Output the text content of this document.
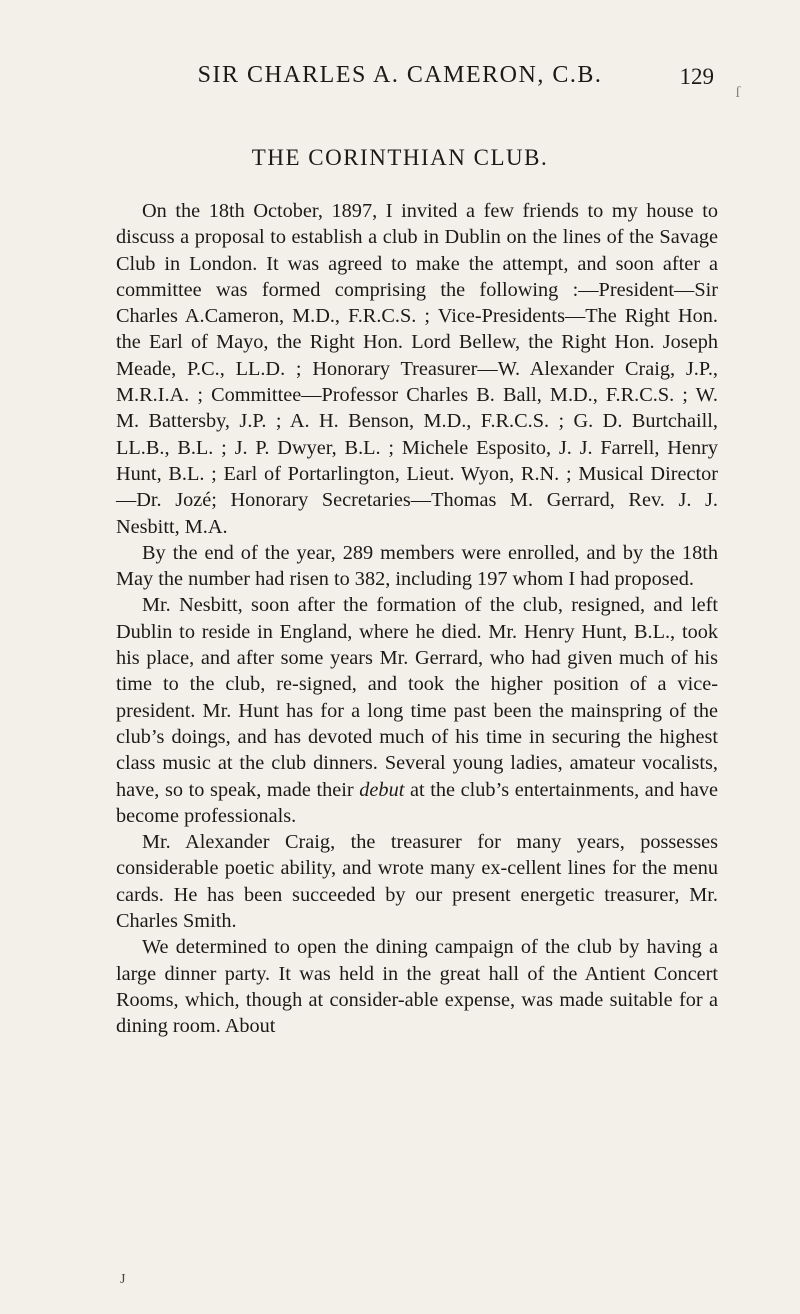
SIR CHARLES A. CAMERON, C.B.	129
ſ
THE CORINTHIAN CLUB.

On the 18th October, 1897, I invited a few friends to my house to discuss a proposal to establish a club in Dublin on the lines of the Savage Club in London. It was agreed to make the attempt, and soon after a committee was formed comprising the following :—President—Sir Charles A.Cameron, M.D., F.R.C.S. ; Vice-Presidents—The Right Hon. the Earl of Mayo, the Right Hon. Lord Bellew, the Right Hon. Joseph Meade, P.C., LL.D. ; Honorary Treasurer—W. Alexander Craig, J.P., M.R.I.A. ; Committee—Professor Charles B. Ball, M.D., F.R.C.S. ; W. M. Battersby, J.P. ; A. H. Benson, M.D., F.R.C.S. ; G. D. Burtchaill, LL.B., B.L. ; J. P. Dwyer, B.L. ; Michele Esposito, J. J. Farrell, Henry Hunt, B.L. ; Earl of Portarlington, Lieut. Wyon, R.N. ; Musical Director—Dr. Jozé; Honorary Secretaries—Thomas M. Gerrard, Rev. J. J. Nesbitt, M.A.

By the end of the year, 289 members were enrolled, and by the 18th May the number had risen to 382, including 197 whom I had proposed.

Mr. Nesbitt, soon after the formation of the club, resigned, and left Dublin to reside in England, where he died. Mr. Henry Hunt, B.L., took his place, and after some years Mr. Gerrard, who had given much of his time to the club, re-signed, and took the higher position of a vice-president. Mr. Hunt has for a long time past been the mainspring of the club’s doings, and has devoted much of his time in securing the highest class music at the club dinners. Several young ladies, amateur vocalists, have, so to speak, made their debut at the club’s entertainments, and have become professionals.

Mr. Alexander Craig, the treasurer for many years, possesses considerable poetic ability, and wrote many ex-cellent lines for the menu cards. He has been succeeded by our present energetic treasurer, Mr. Charles Smith.

We determined to open the dining campaign of the club by having a large dinner party. It was held in the great hall of the Antient Concert Rooms, which, though at consider-able expense, was made suitable for a dining room. About

J
